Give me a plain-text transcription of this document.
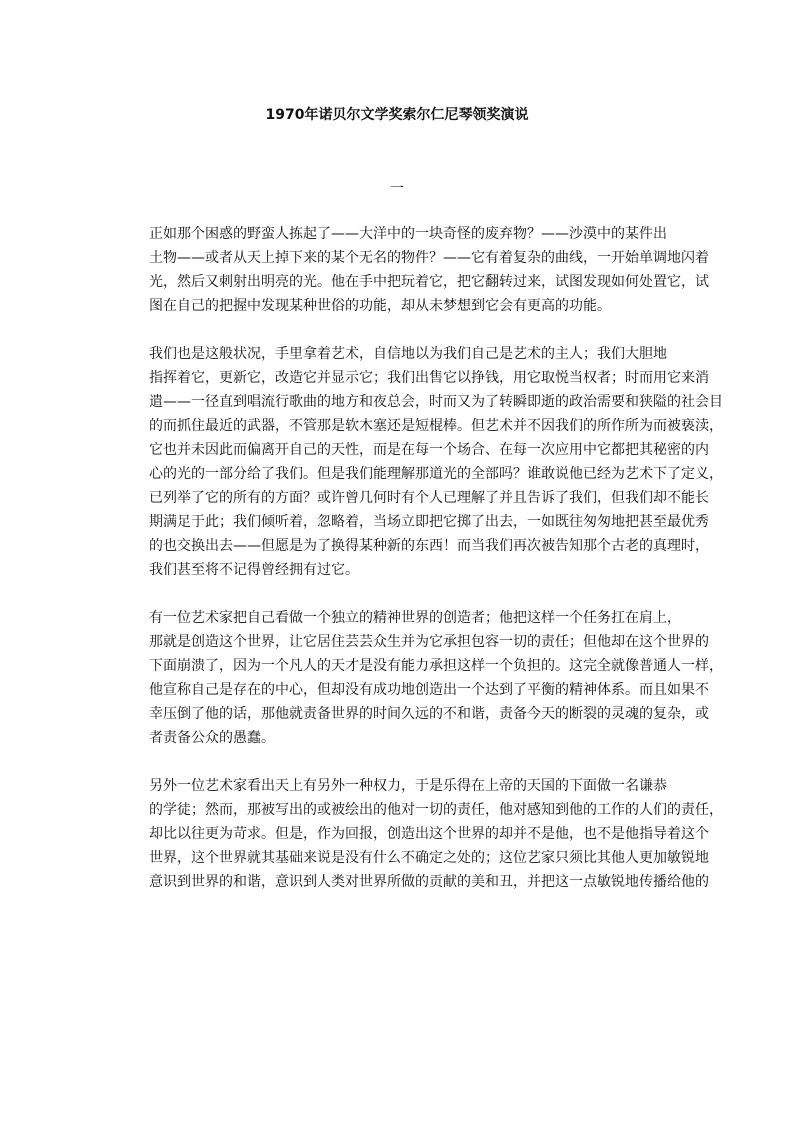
1970年诺贝尔文学奖索尔仁尼琴领奖演说
一

正如那个困惑的野蛮人拣起了——大洋中的一块奇怪的废弃物？——沙漠中的某件出
土物——或者从天上掉下来的某个无名的物件？——它有着复杂的曲线，一开始单调地闪着
光，然后又刺射出明亮的光。他在手中把玩着它，把它翻转过来，试图发现如何处置它，试
图在自己的把握中发现某种世俗的功能，却从未梦想到它会有更高的功能。

我们也是这般状况，手里拿着艺术，自信地以为我们自己是艺术的主人；我们大胆地
指挥着它，更新它，改造它并显示它；我们出售它以挣钱，用它取悦当权者；时而用它来消
遣——一径直到唱流行歌曲的地方和夜总会，时而又为了转瞬即逝的政治需要和狭隘的社会目
的而抓住最近的武器，不管那是软木塞还是短棍棒。但艺术并不因我们的所作所为而被亵渎，
它也并未因此而偏离开自己的天性，而是在每一个场合、在每一次应用中它都把其秘密的内
心的光的一部分给了我们。但是我们能理解那道光的全部吗？谁敢说他已经为艺术下了定义，
已列举了它的所有的方面？或许曾几何时有个人已理解了并且告诉了我们，但我们却不能长
期满足于此；我们倾听着，忽略着，当场立即把它掷了出去，一如既往匆匆地把甚至最优秀
的也交换出去——但愿是为了换得某种新的东西！而当我们再次被告知那个古老的真理时，
我们甚至将不记得曾经拥有过它。

有一位艺术家把自己看做一个独立的精神世界的创造者；他把这样一个任务扛在肩上，
那就是创造这个世界，让它居住芸芸众生并为它承担包容一切的责任；但他却在这个世界的
下面崩溃了，因为一个凡人的天才是没有能力承担这样一个负担的。这完全就像普通人一样，
他宣称自己是存在的中心，但却没有成功地创造出一个达到了平衡的精神体系。而且如果不
幸压倒了他的话，那他就责备世界的时间久远的不和谐，责备今天的断裂的灵魂的复杂，或
者责备公众的愚蠢。

另外一位艺术家看出天上有另外一种权力，于是乐得在上帝的天国的下面做一名谦恭
的学徒；然而，那被写出的或被绘出的他对一切的责任，他对感知到他的工作的人们的责任，
却比以往更为苛求。但是，作为回报，创造出这个世界的却并不是他，也不是他指导着这个
世界，这个世界就其基础来说是没有什么不确定之处的；这位艺家只须比其他人更加敏锐地
意识到世界的和谐，意识到人类对世界所做的贡献的美和丑，并把这一点敏锐地传播给他的
